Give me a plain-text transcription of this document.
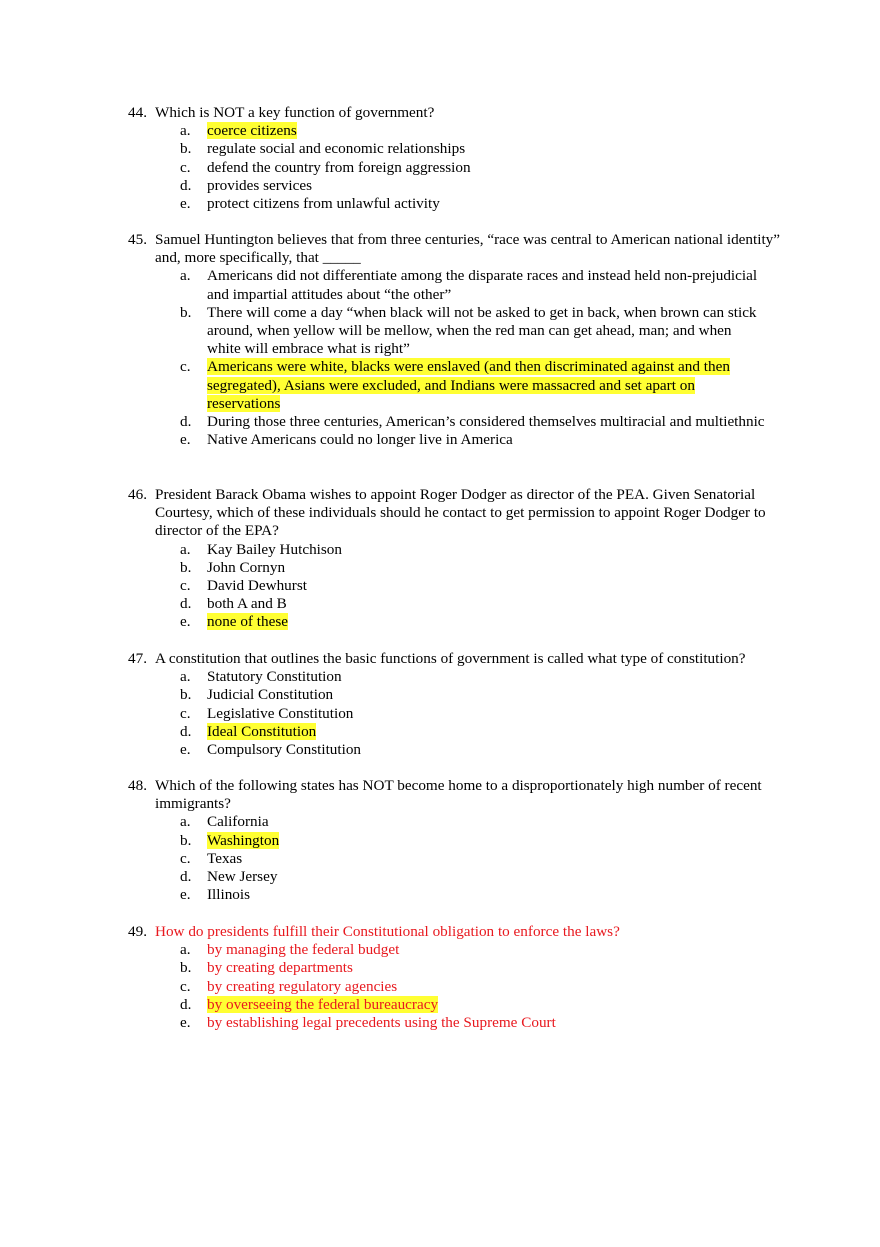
44. Which is NOT a key function of government?
a. coerce citizens
b. regulate social and economic relationships
c. defend the country from foreign aggression
d. provides services
e. protect citizens from unlawful activity
45. Samuel Huntington believes that from three centuries, “race was central to American national identity” and, more specifically, that _____
a. Americans did not differentiate among the disparate races and instead held non-prejudicial and impartial attitudes about “the other”
b. There will come a day “when black will not be asked to get in back, when brown can stick around, when yellow will be mellow, when the red man can get ahead, man; and when white will embrace what is right”
c. Americans were white, blacks were enslaved (and then discriminated against and then segregated), Asians were excluded, and Indians were massacred and set apart on reservations
d. During those three centuries, American’s considered themselves multiracial and multiethnic
e. Native Americans could no longer live in America
46. President Barack Obama wishes to appoint Roger Dodger as director of the PEA. Given Senatorial Courtesy, which of these individuals should he contact to get permission to appoint Roger Dodger to director of the EPA?
a. Kay Bailey Hutchison
b. John Cornyn
c. David Dewhurst
d. both A and B
e. none of these
47. A constitution that outlines the basic functions of government is called what type of constitution?
a. Statutory Constitution
b. Judicial Constitution
c. Legislative Constitution
d. Ideal Constitution
e. Compulsory Constitution
48. Which of the following states has NOT become home to a disproportionately high number of recent immigrants?
a. California
b. Washington
c. Texas
d. New Jersey
e. Illinois
49. How do presidents fulfill their Constitutional obligation to enforce the laws?
a. by managing the federal budget
b. by creating departments
c. by creating regulatory agencies
d. by overseeing the federal bureaucracy
e. by establishing legal precedents using the Supreme Court
